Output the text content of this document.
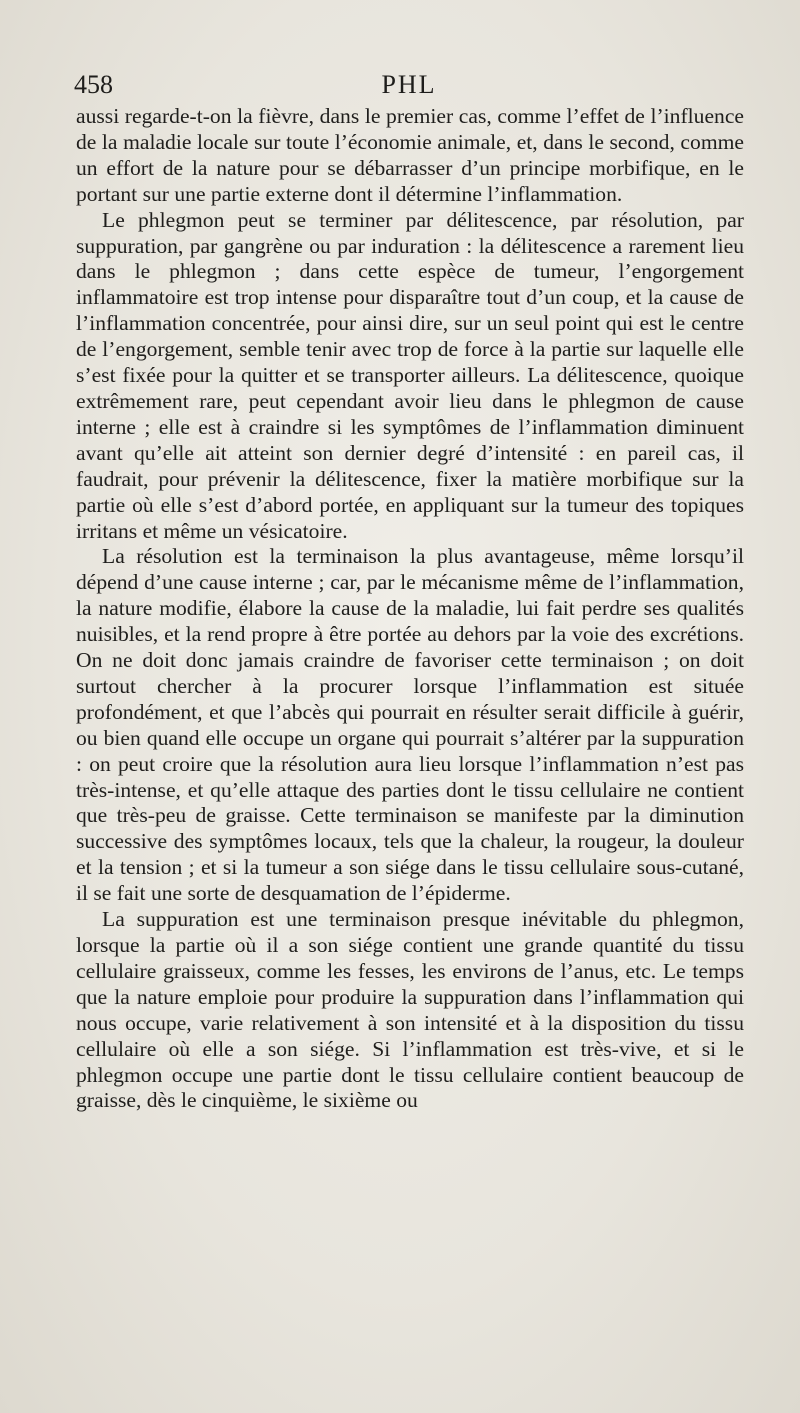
458	PHL

aussi regarde-t-on la fièvre, dans le premier cas, comme l’effet de l’influence de la maladie locale sur toute l’économie animale, et, dans le second, comme un effort de la nature pour se débarrasser d’un principe morbifique, en le portant sur une partie externe dont il détermine l’inflammation.

Le phlegmon peut se terminer par délitescence, par résolution, par suppuration, par gangrène ou par induration : la délitescence a rarement lieu dans le phlegmon ; dans cette espèce de tumeur, l’engorgement inflammatoire est trop intense pour disparaître tout d’un coup, et la cause de l’inflammation concentrée, pour ainsi dire, sur un seul point qui est le centre de l’engorgement, semble tenir avec trop de force à la partie sur laquelle elle s’est fixée pour la quitter et se transporter ailleurs. La délitescence, quoique extrêmement rare, peut cependant avoir lieu dans le phlegmon de cause interne ; elle est à craindre si les symptômes de l’inflammation diminuent avant qu’elle ait atteint son dernier degré d’intensité : en pareil cas, il faudrait, pour prévenir la délitescence, fixer la matière morbifique sur la partie où elle s’est d’abord portée, en appliquant sur la tumeur des topiques irritans et même un vésicatoire.

La résolution est la terminaison la plus avantageuse, même lorsqu’il dépend d’une cause interne ; car, par le mécanisme même de l’inflammation, la nature modifie, élabore la cause de la maladie, lui fait perdre ses qualités nuisibles, et la rend propre à être portée au dehors par la voie des excrétions. On ne doit donc jamais craindre de favoriser cette terminaison ; on doit surtout chercher à la procurer lorsque l’inflammation est située profondément, et que l’abcès qui pourrait en résulter serait difficile à guérir, ou bien quand elle occupe un organe qui pourrait s’altérer par la suppuration : on peut croire que la résolution aura lieu lorsque l’inflammation n’est pas très-intense, et qu’elle attaque des parties dont le tissu cellulaire ne contient que très-peu de graisse. Cette terminaison se manifeste par la diminution successive des symptômes locaux, tels que la chaleur, la rougeur, la douleur et la tension ; et si la tumeur a son siége dans le tissu cellulaire sous-cutané, il se fait une sorte de desquamation de l’épiderme.

La suppuration est une terminaison presque inévitable du phlegmon, lorsque la partie où il a son siége contient une grande quantité du tissu cellulaire graisseux, comme les fesses, les environs de l’anus, etc. Le temps que la nature emploie pour produire la suppuration dans l’inflammation qui nous occupe, varie relativement à son intensité et à la disposition du tissu cellulaire où elle a son siége. Si l’inflammation est très-vive, et si le phlegmon occupe une partie dont le tissu cellulaire contient beaucoup de graisse, dès le cinquième, le sixième ou
